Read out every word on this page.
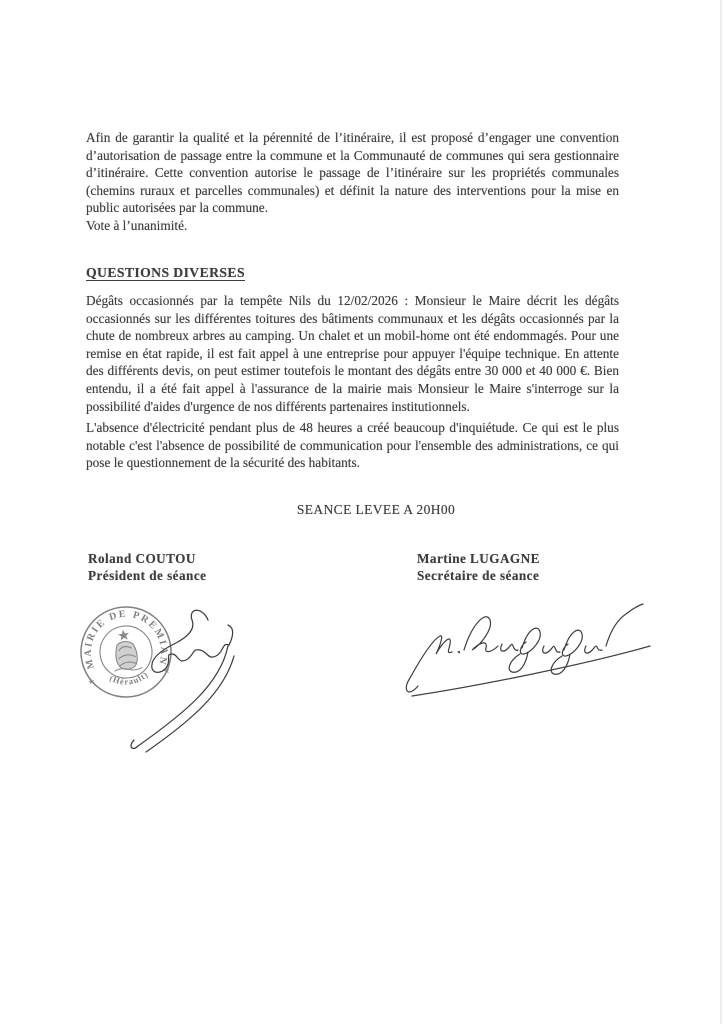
Afin de garantir la qualité et la pérennité de l’itinéraire, il est proposé d’engager une convention d’autorisation de passage entre la commune et la Communauté de communes qui sera gestionnaire d’itinéraire. Cette convention autorise le passage de l’itinéraire sur les propriétés communales (chemins ruraux et parcelles communales) et définit la nature des interventions pour la mise en public autorisées par la commune.

Vote à l’unanimité.

QUESTIONS DIVERSES

Dégâts occasionnés par la tempête Nils du 12/02/2026 : Monsieur le Maire décrit les dégâts occasionnés sur les différentes toitures des bâtiments communaux et les dégâts occasionnés par la chute de nombreux arbres au camping. Un chalet et un mobil-home ont été endommagés. Pour une remise en état rapide, il est fait appel à une entreprise pour appuyer l'équipe technique. En attente des différents devis, on peut estimer toutefois le montant des dégâts entre 30 000 et 40 000 €. Bien entendu, il a été fait appel à l'assurance de la mairie mais Monsieur le Maire s'interroge sur la possibilité d'aides d'urgence de nos différents partenaires institutionnels.

L'absence d'électricité pendant plus de 48 heures a créé beaucoup d'inquiétude. Ce qui est le plus notable c'est l'absence de possibilité de communication pour l'ensemble des administrations, ce qui pose le questionnement de la sécurité des habitants.

SEANCE LEVEE A 20H00

Roland COUTOU
Président de séance
Martine LUGAGNE
Secrétaire de séance
MAIRIE DE PREMIAN
(Hérault)
★
★
